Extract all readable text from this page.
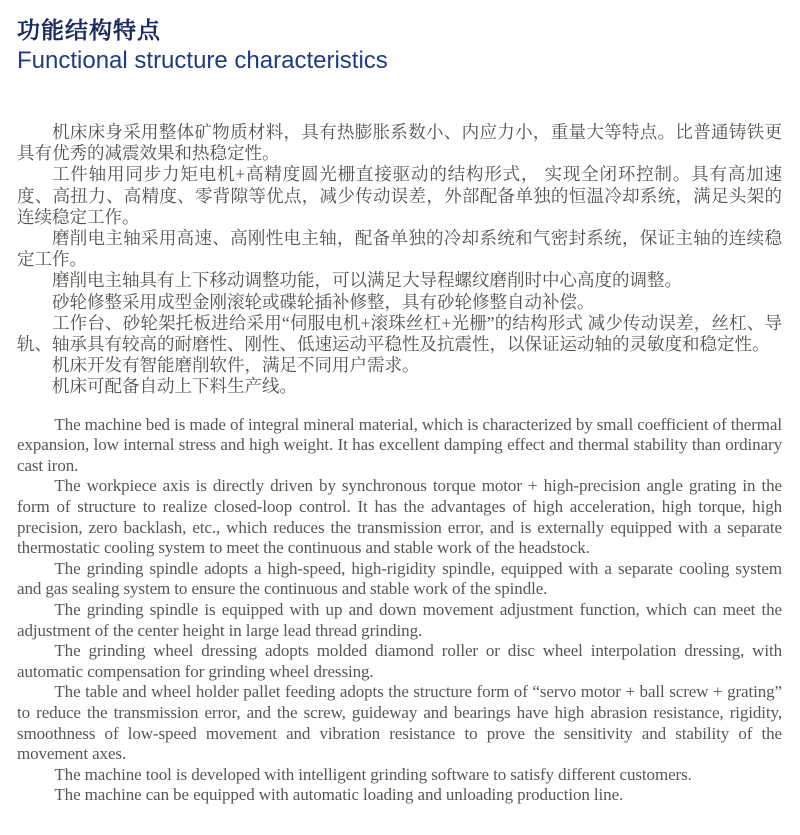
功能结构特点
Functional structure characteristics

机床床身采用整体矿物质材料，具有热膨胀系数小、内应力小，重量大等特点。比普通铸铁更具有优秀的减震效果和热稳定性。

工件轴用同步力矩电机+高精度圆光栅直接驱动的结构形式， 实现全闭环控制。具有高加速度、高扭力、高精度、零背隙等优点，减少传动误差，外部配备单独的恒温冷却系统，满足头架的连续稳定工作。

磨削电主轴采用高速、高刚性电主轴，配备单独的冷却系统和气密封系统，保证主轴的连续稳定工作。

磨削电主轴具有上下移动调整功能，可以满足大导程螺纹磨削时中心高度的调整。

砂轮修整采用成型金刚滚轮或碟轮插补修整，具有砂轮修整自动补偿。

工作台、砂轮架托板进给采用“伺服电机+滚珠丝杠+光栅”的结构形式 减少传动误差，丝杠、导轨、轴承具有较高的耐磨性、刚性、低速运动平稳性及抗震性，以保证运动轴的灵敏度和稳定性。

机床开发有智能磨削软件，满足不同用户需求。

机床可配备自动上下料生产线。

The machine bed is made of integral mineral material, which is characterized by small coefficient of thermal expansion, low internal stress and high weight. It has excellent damping effect and thermal stability than ordinary cast iron.

The workpiece axis is directly driven by synchronous torque motor + high-precision angle grating in the form of structure to realize closed-loop control. It has the advantages of high acceleration, high torque, high precision, zero backlash, etc., which reduces the transmission error, and is externally equipped with a separate thermostatic cooling system to meet the continuous and stable work of the headstock.

The grinding spindle adopts a high-speed, high-rigidity spindle, equipped with a separate cooling system and gas sealing system to ensure the continuous and stable work of the spindle.

The grinding spindle is equipped with up and down movement adjustment function, which can meet the adjustment of the center height in large lead thread grinding.

The grinding wheel dressing adopts molded diamond roller or disc wheel interpolation dressing, with automatic compensation for grinding wheel dressing.

The table and wheel holder pallet feeding adopts the structure form of “servo motor + ball screw + grating” to reduce the transmission error, and the screw, guideway and bearings have high abrasion resistance, rigidity, smoothness of low-speed movement and vibration resistance to prove the sensitivity and stability of the movement axes.

The machine tool is developed with intelligent grinding software to satisfy different customers.

The machine can be equipped with automatic loading and unloading production line.
